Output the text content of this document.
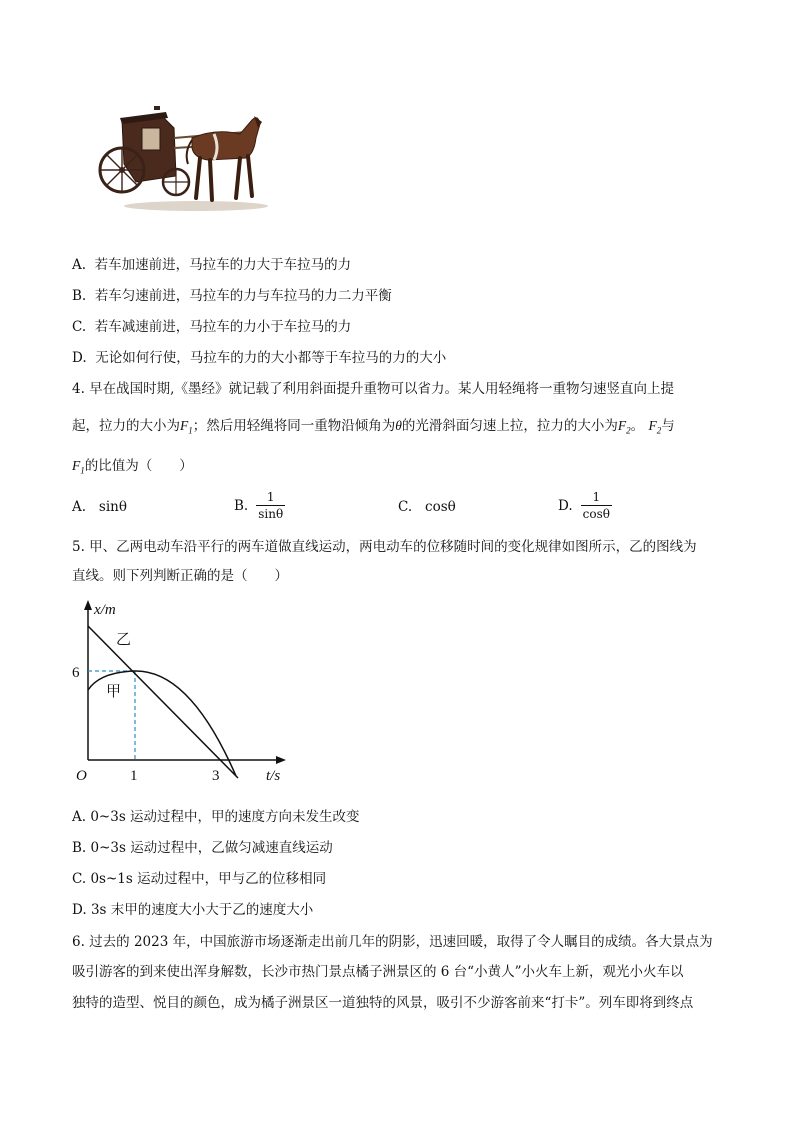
A. 若车加速前进，马拉车的力大于车拉马的力
B. 若车匀速前进，马拉车的力与车拉马的力二力平衡
C. 若车减速前进，马拉车的力小于车拉马的力
D. 无论如何行使，马拉车的力的大小都等于车拉马的力的大小
4. 早在战国时期,《墨经》就记载了利用斜面提升重物可以省力。某人用轻绳将一重物匀速竖直向上提
起，拉力的大小为$F_1$；然后用轻绳将同一重物沿倾角为θ的光滑斜面匀速上拉，拉力的大小为$F_2$。 $F_2$与
$F_1$的比值为（　　）
A. sinθ	B. $\frac{1}{\sin\theta}$	C. cosθ	D. $\frac{1}{\cos\theta}$
5. 甲、乙两电动车沿平行的两车道做直线运动，两电动车的位移随时间的变化规律如图所示，乙的图线为
直线。则下列判断正确的是（　　）
x/m
t/s
O	1	3
6
乙
甲
A. 0~3s 运动过程中，甲的速度方向未发生改变
B. 0~3s 运动过程中，乙做匀减速直线运动
C. 0s~1s 运动过程中，甲与乙的位移相同
D. 3s 末甲的速度大小大于乙的速度大小
6. 过去的 2023 年，中国旅游市场逐渐走出前几年的阴影，迅速回暖，取得了令人瞩目的成绩。各大景点为
吸引游客的到来使出浑身解数，长沙市热门景点橘子洲景区的 6 台“小黄人”小火车上新，观光小火车以
独特的造型、悦目的颜色，成为橘子洲景区一道独特的风景，吸引不少游客前来“打卡”。列车即将到终点
